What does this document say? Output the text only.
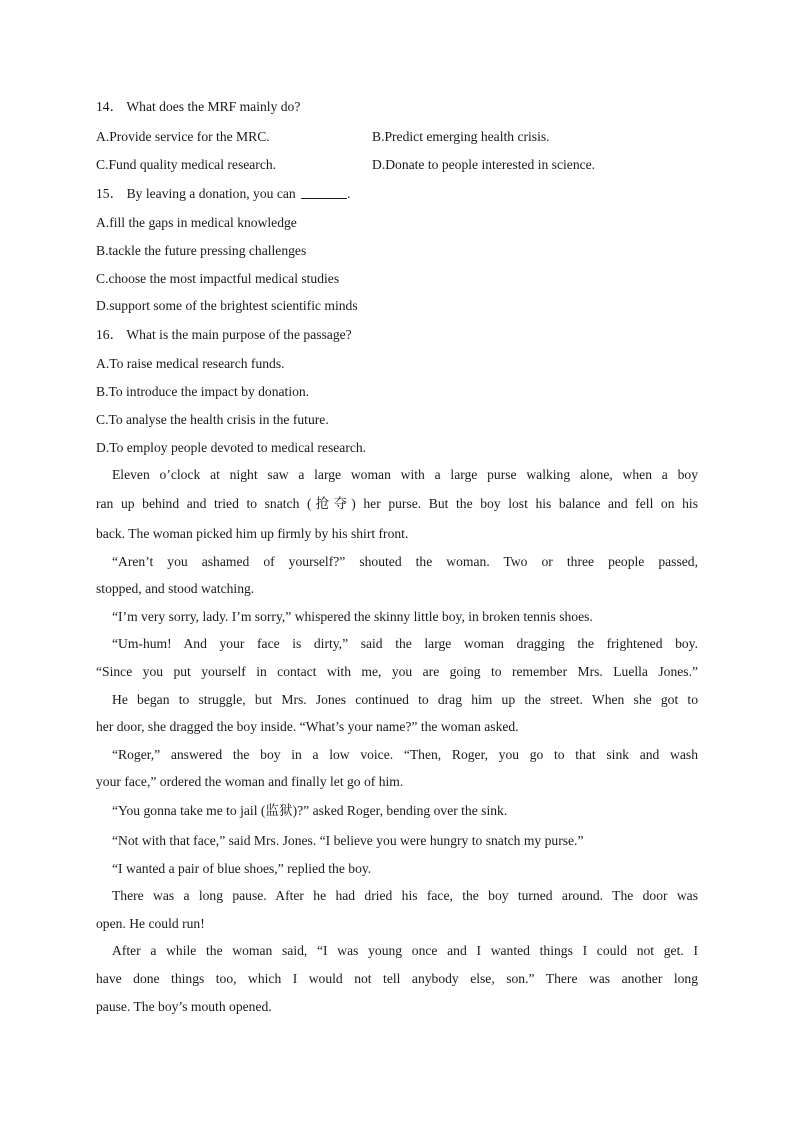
14． What does the MRF mainly do?
A.Provide service for the MRC.	B.Predict emerging health crisis.
C.Fund quality medical research.	D.Donate to people interested in science.
15． By leaving a donation, you can	.
A.fill the gaps in medical knowledge
B.tackle the future pressing challenges
C.choose the most impactful medical studies
D.support some of the brightest scientific minds
16． What is the main purpose of the passage?
A.To raise medical research funds.
B.To introduce the impact by donation.
C.To analyse the health crisis in the future.
D.To employ people devoted to medical research.
Eleven o’clock at night saw a large woman with a large purse walking alone, when a boy
ran up behind and tried to snatch (抢夺) her purse. But the boy lost his balance and fell on his
back. The woman picked him up firmly by his shirt front.
“Aren’t you ashamed of yourself?” shouted the woman. Two or three people passed,
stopped, and stood watching.
“I’m very sorry, lady. I’m sorry,” whispered the skinny little boy, in broken tennis shoes.
“Um-hum! And your face is dirty,” said the large woman dragging the frightened boy.
“Since you put yourself in contact with me, you are going to remember Mrs. Luella Jones.”
He began to struggle, but Mrs. Jones continued to drag him up the street. When she got to
her door, she dragged the boy inside. “What’s your name?” the woman asked.
“Roger,” answered the boy in a low voice. “Then, Roger, you go to that sink and wash
your face,” ordered the woman and finally let go of him.
“You gonna take me to jail (监狱)?” asked Roger, bending over the sink.
“Not with that face,” said Mrs. Jones. “I believe you were hungry to snatch my purse.”
“I wanted a pair of blue shoes,” replied the boy.
There was a long pause. After he had dried his face, the boy turned around. The door was
open. He could run!
After a while the woman said, “I was young once and I wanted things I could not get. I
have done things too, which I would not tell anybody else, son.” There was another long
pause. The boy’s mouth opened.
